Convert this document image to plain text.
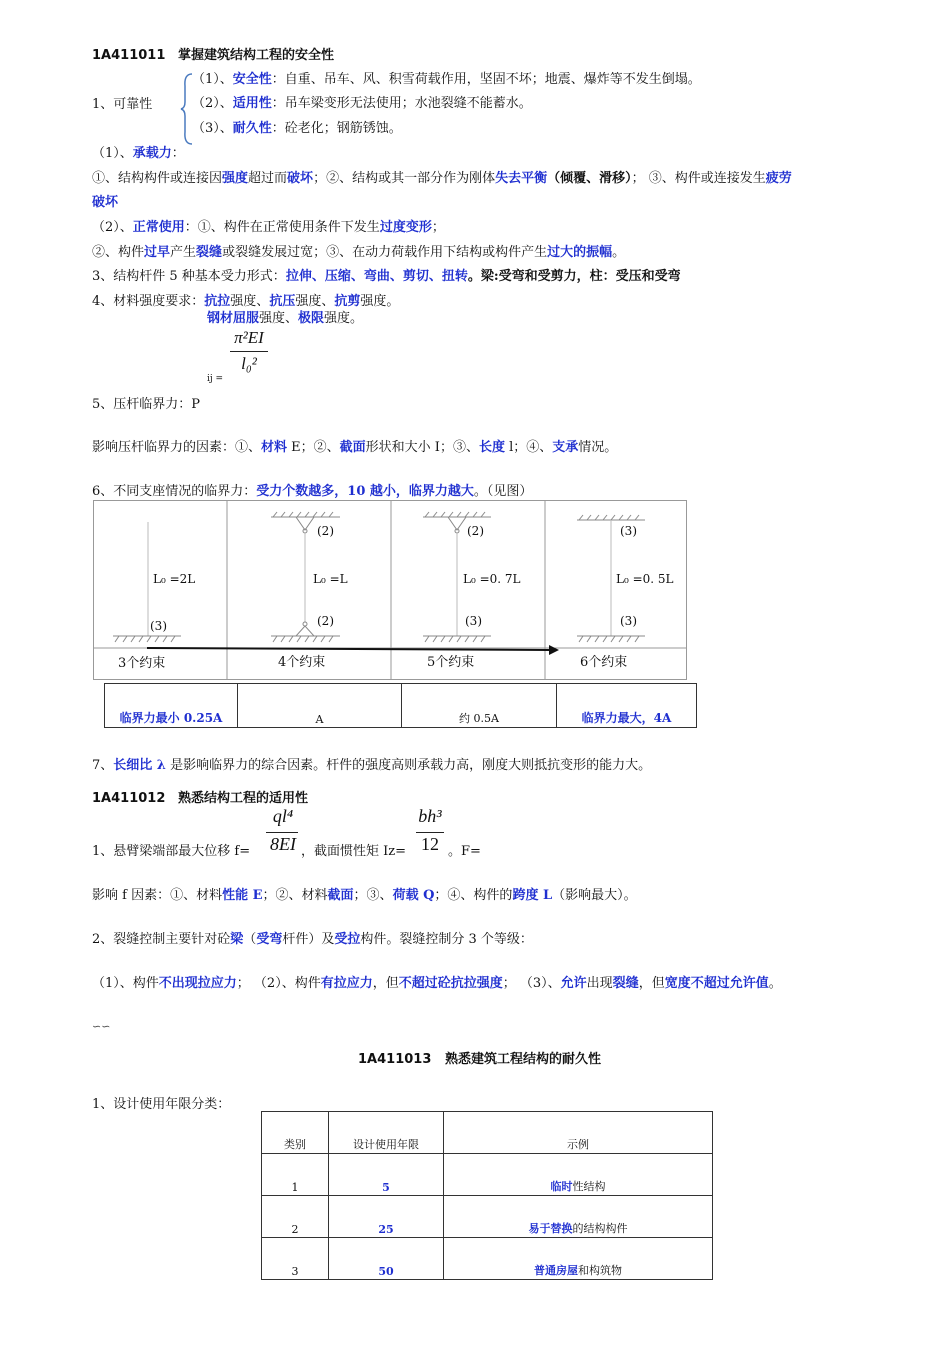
1A411011 掌握建筑结构工程的安全性
1、可靠性
（1）、安全性：自重、吊车、风、积雪荷载作用，坚固不坏；地震、爆炸等不发生倒塌。
（2）、适用性：吊车梁变形无法使用；水池裂缝不能蓄水。
（3）、耐久性：砼老化；钢筋锈蚀。
（1）、承载力：
①、结构构件或连接因强度超过而破坏；②、结构或其一部分作为刚体失去平衡（倾覆、滑移）； ③、构件或连接发生疲劳
破坏
（2）、正常使用：①、构件在正常使用条件下发生过度变形；
②、构件过早产生裂缝或裂缝发展过宽；③、在动力荷载作用下结构或构件产生过大的振幅。
3、结构杆件 5 种基本受力形式：拉伸、压缩、弯曲、剪切、扭转。梁:受弯和受剪力，柱：受压和受弯
4、材料强度要求：抗拉强度、抗压强度、抗剪强度。
钢材屈服强度、极限强度。
π²EI
l₀²
ij =
5、压杆临界力：P
影响压杆临界力的因素：①、材料 E；②、截面形状和大小 I；③、长度 l；④、支承情况。
6、不同支座情况的临界力：受力个数越多，10 越小，临界力越大。（见图）
L₀ =2L
(3)
3个约束
L₀ =L
(2)
(2)
4个约束
L₀ =0. 7L
(2)
(3)
5个约束
L₀ =0. 5L
(3)
(3)
6个约束
临界力最小 0.25A	A	约 0.5A	临界力最大，4A
7、长细比 λ 是影响临界力的综合因素。杆件的强度高则承载力高，刚度大则抵抗变形的能力大。
1A411012 熟悉结构工程的适用性
1、悬臂梁端部最大位移 f=
ql⁴
8EI ，截面惯性矩 Iz=
bh³
12 。F=
影响 f 因素：①、材料性能 E；②、材料截面；③、荷载 Q；④、构件的跨度 L（影响最大）。
2、裂缝控制主要针对砼梁（受弯杆件）及受拉构件。裂缝控制分 3 个等级：
（1）、构件不出现拉应力； （2）、构件有拉应力，但不超过砼抗拉强度； （3）、允许出现裂缝，但宽度不超过允许值。
∽∽
1A411013 熟悉建筑工程结构的耐久性
1、设计使用年限分类：
类别	设计使用年限	示例
1	5	临时性结构
2	25	易于替换的结构构件
3	50	普通房屋和构筑物
